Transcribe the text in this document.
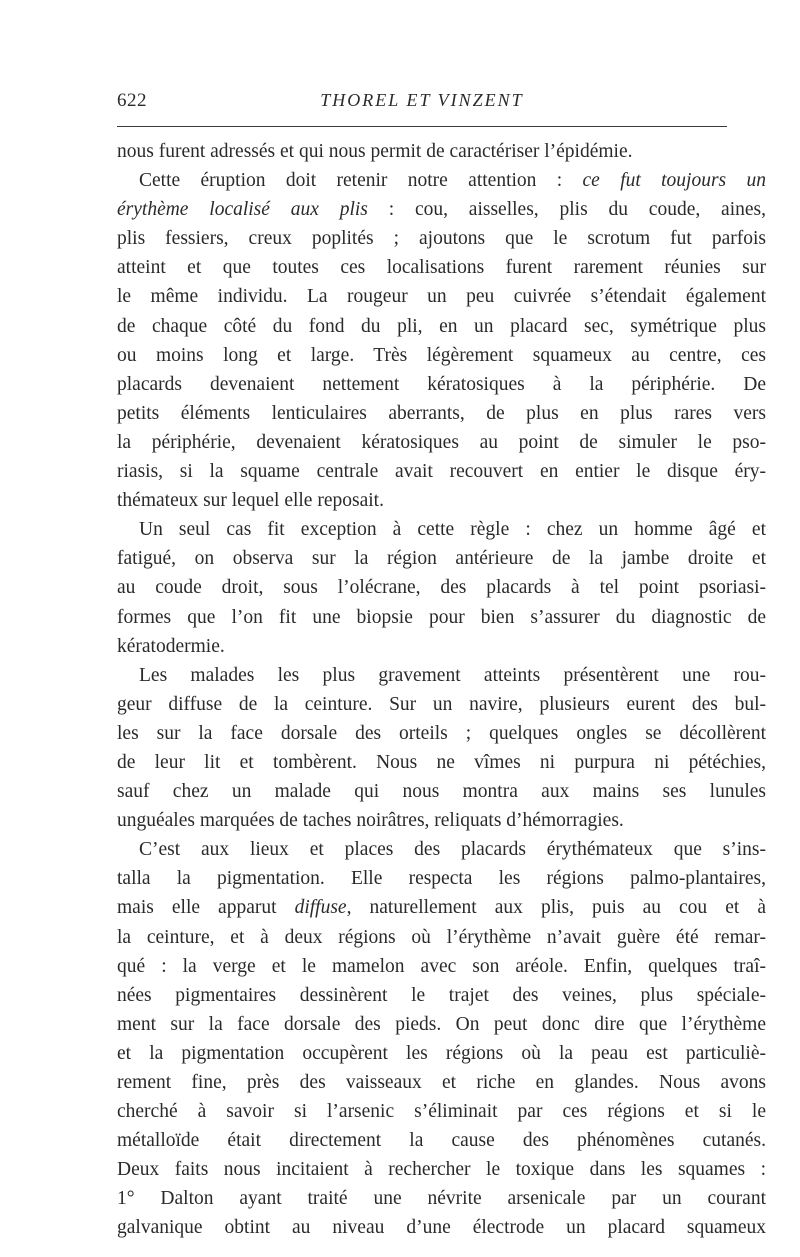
622	THOREL ET VINZENT
nous furent adressés et qui nous permit de caractériser l’épidémie.
Cette éruption doit retenir notre attention : ce fut toujours un
érythème localisé aux plis : cou, aisselles, plis du coude, aines,
plis fessiers, creux poplités ; ajoutons que le scrotum fut parfois
atteint et que toutes ces localisations furent rarement réunies sur
le même individu. La rougeur un peu cuivrée s’étendait également
de chaque côté du fond du pli, en un placard sec, symétrique plus
ou moins long et large. Très légèrement squameux au centre, ces
placards devenaient nettement kératosiques à la périphérie. De
petits éléments lenticulaires aberrants, de plus en plus rares vers
la périphérie, devenaient kératosiques au point de simuler le pso-
riasis, si la squame centrale avait recouvert en entier le disque éry-
thémateux sur lequel elle reposait.
Un seul cas fit exception à cette règle : chez un homme âgé et
fatigué, on observa sur la région antérieure de la jambe droite et
au coude droit, sous l’olécrane, des placards à tel point psoriasi-
formes que l’on fit une biopsie pour bien s’assurer du diagnostic de
kératodermie.
Les malades les plus gravement atteints présentèrent une rou-
geur diffuse de la ceinture. Sur un navire, plusieurs eurent des bul-
les sur la face dorsale des orteils ; quelques ongles se décollèrent
de leur lit et tombèrent. Nous ne vîmes ni purpura ni pétéchies,
sauf chez un malade qui nous montra aux mains ses lunules
unguéales marquées de taches noirâtres, reliquats d’hémorragies.
C’est aux lieux et places des placards érythémateux que s’ins-
talla la pigmentation. Elle respecta les régions palmo-plantaires,
mais elle apparut diffuse, naturellement aux plis, puis au cou et à
la ceinture, et à deux régions où l’érythème n’avait guère été remar-
qué : la verge et le mamelon avec son aréole. Enfin, quelques traî-
nées pigmentaires dessinèrent le trajet des veines, plus spéciale-
ment sur la face dorsale des pieds. On peut donc dire que l’érythème
et la pigmentation occupèrent les régions où la peau est particuliè-
rement fine, près des vaisseaux et riche en glandes. Nous avons
cherché à savoir si l’arsenic s’éliminait par ces régions et si le
métalloïde était directement la cause des phénomènes cutanés.
Deux faits nous incitaient à rechercher le toxique dans les squames :
1° Dalton ayant traité une névrite arsenicale par un courant
galvanique obtint au niveau d’une électrode un placard squameux
